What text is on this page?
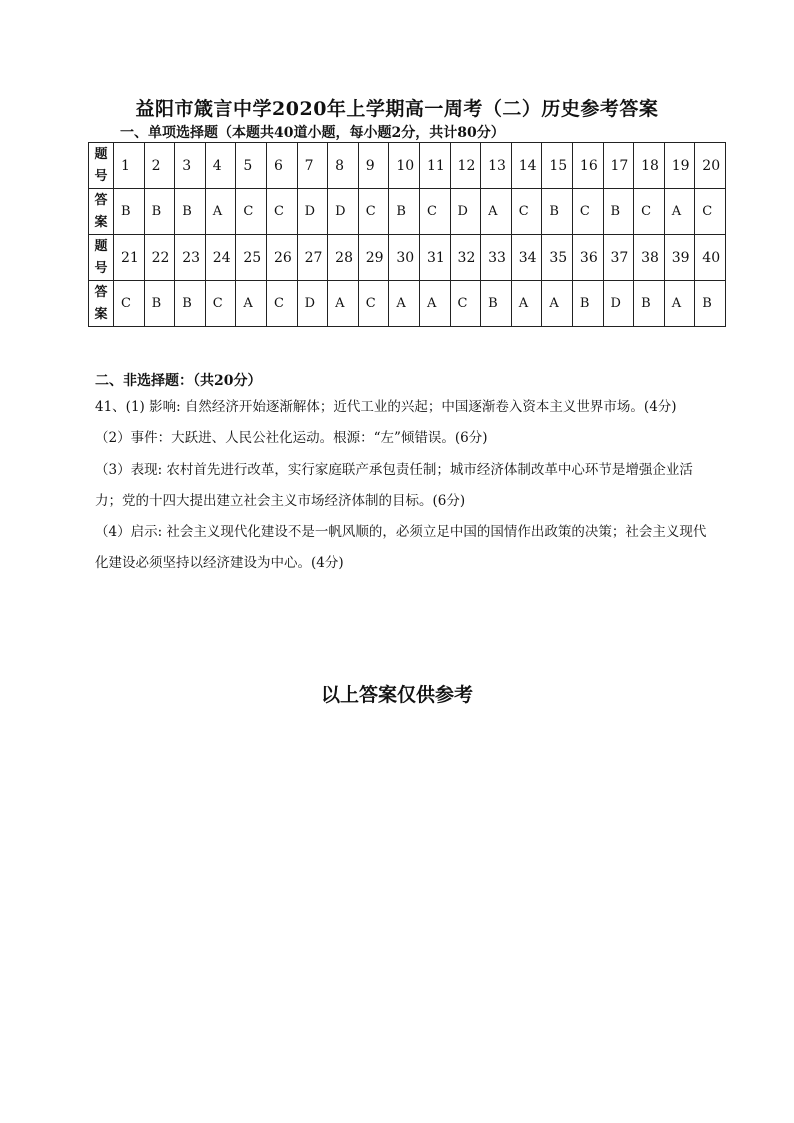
益阳市箴言中学2020年上学期高一周考（二）历史参考答案
一、单项选择题（本题共40道小题，每小题2分，共计80分）
题
号	1	2	3	4	5	6	7	8	9	10	11	12	13	14	15	16	17	18	19	20

答
案	B	B	B	A	C	C	D	D	C	B	C	D	A	C	B	C	B	C	A	C

题
号	21	22	23	24	25	26	27	28	29	30	31	32	33	34	35	36	37	38	39	40

答
案	C	B	B	C	A	C	D	A	C	A	A	C	B	A	A	B	D	B	A	B
二、非选择题：（共20分）
41、(1) 影响: 自然经济开始逐渐解体；近代工业的兴起；中国逐渐卷入资本主义世界市场。(4分)
（2）事件：大跃进、人民公社化运动。根源：“左”倾错误。(6分)
（3）表现: 农村首先进行改革，实行家庭联产承包责任制；城市经济体制改革中心环节是增强企业活力；党的十四大提出建立社会主义市场经济体制的目标。(6分)
（4）启示: 社会主义现代化建设不是一帆风顺的，必须立足中国的国情作出政策的决策；社会主义现代化建设必须坚持以经济建设为中心。(4分)
以上答案仅供参考
